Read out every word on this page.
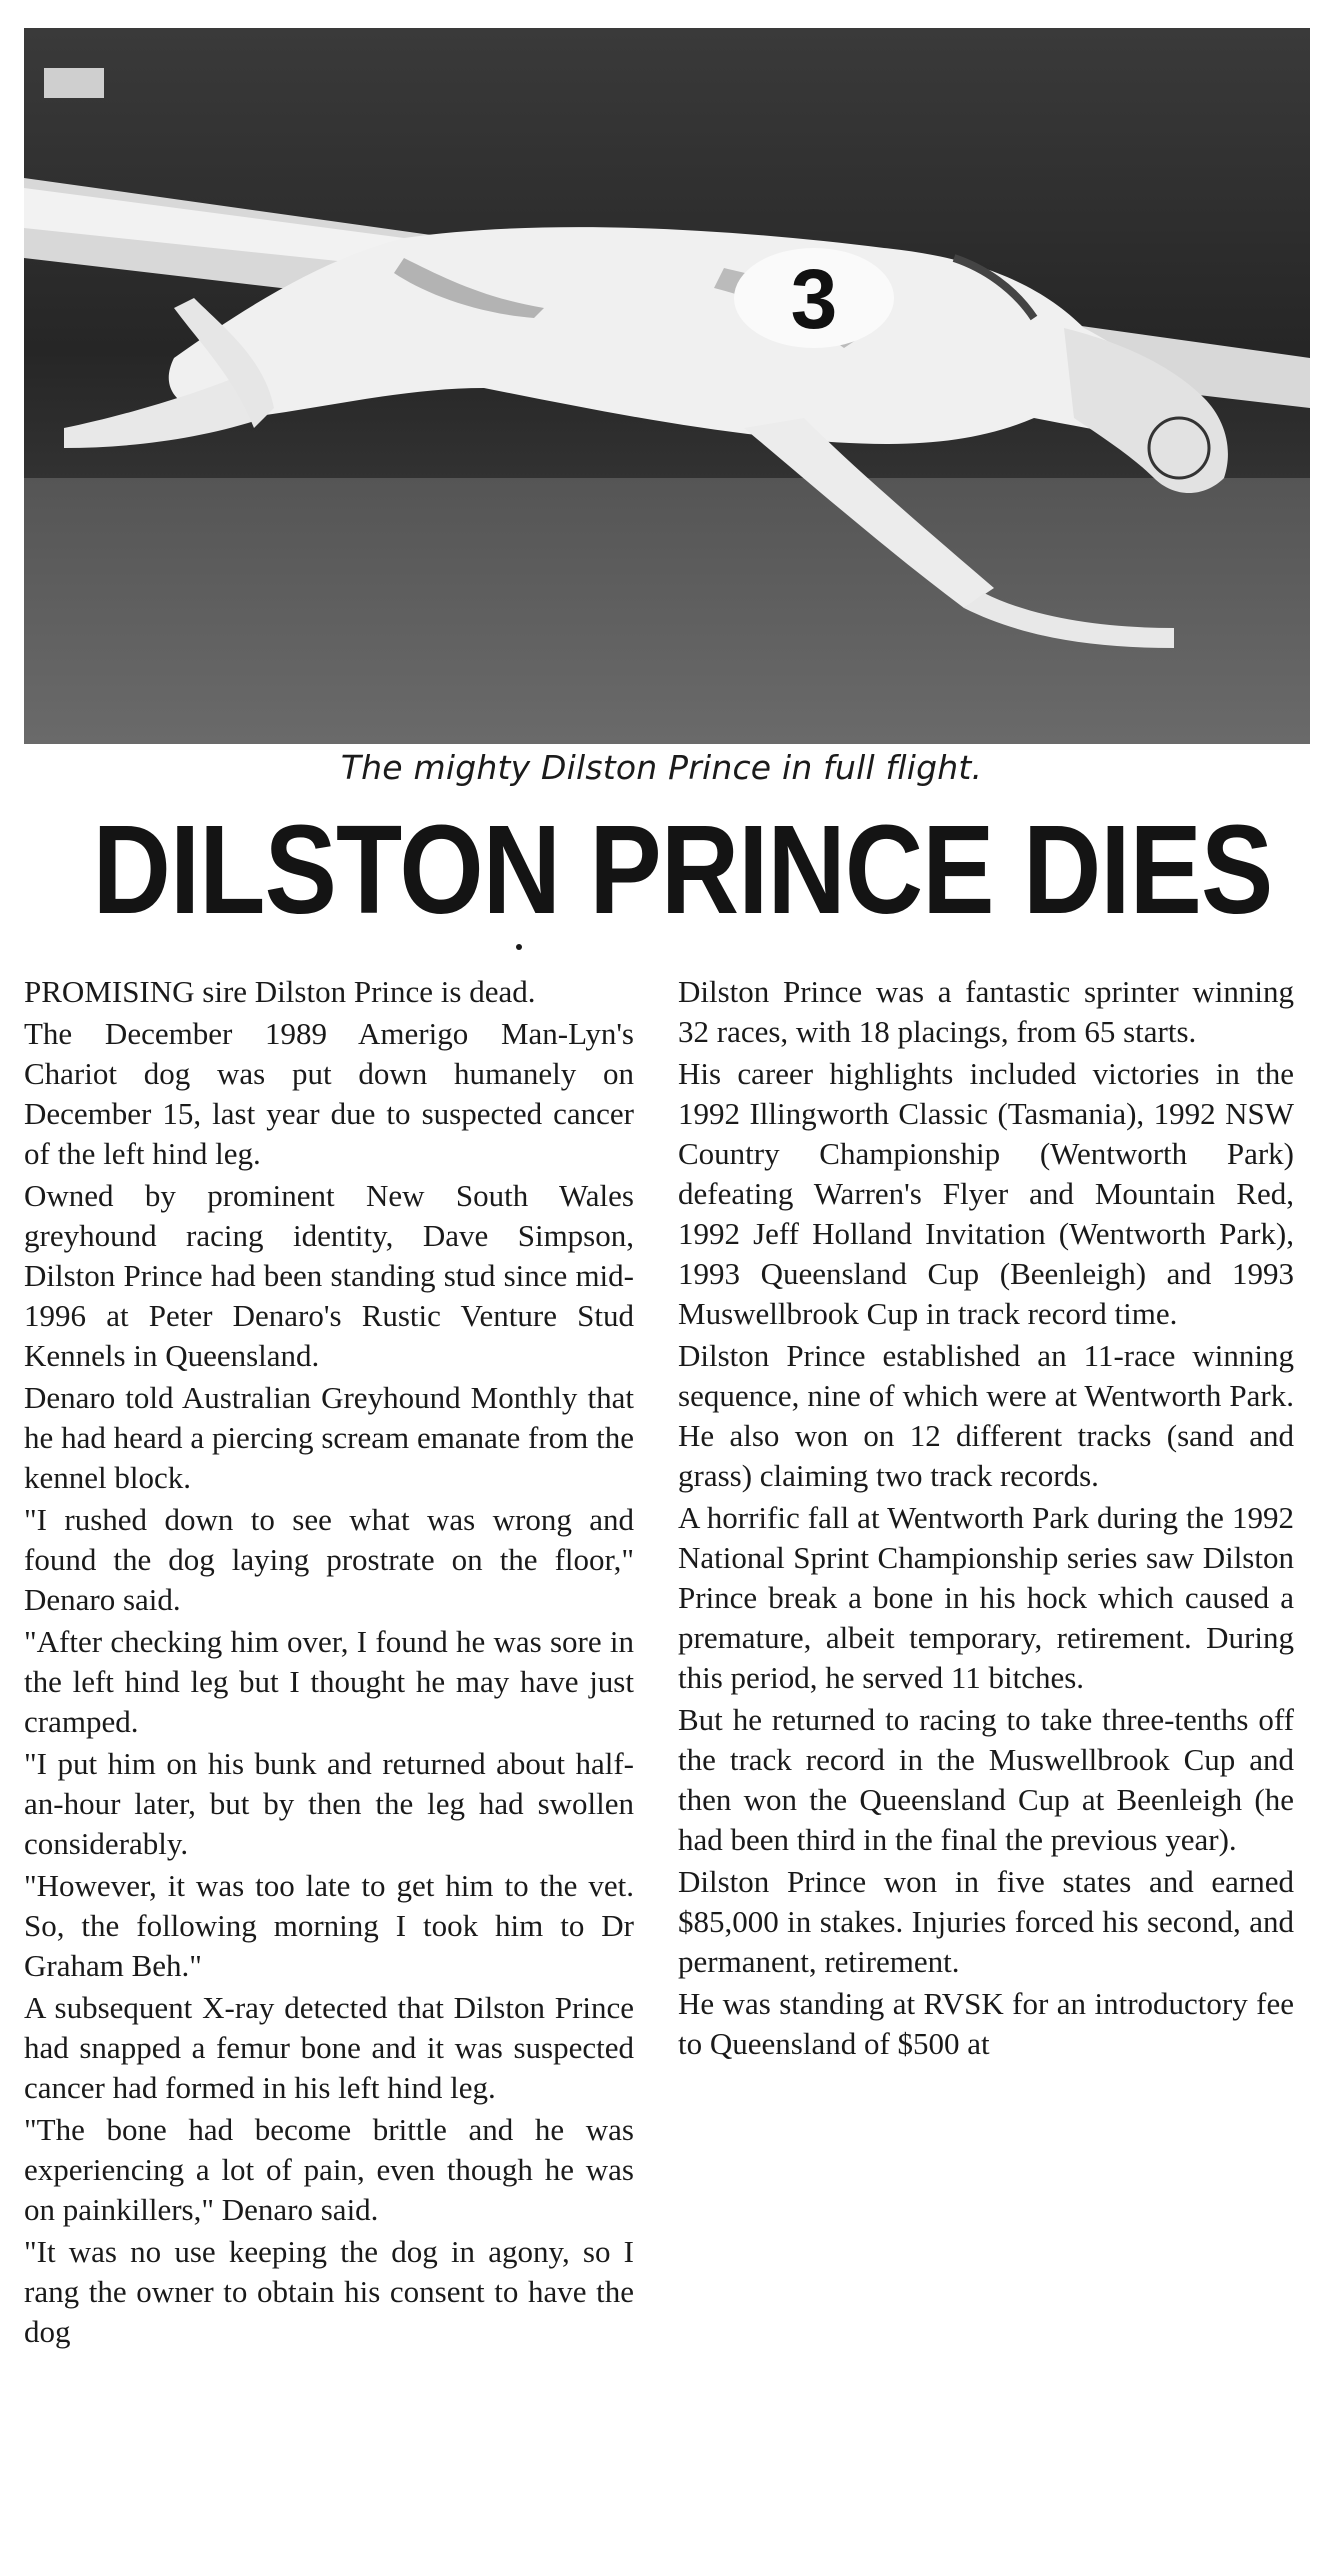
3
The mighty Dilston Prince in full flight.
DILSTON PRINCE DIES

PROMISING sire Dilston Prince is dead.

The December 1989 Amerigo Man-Lyn's Chariot dog was put down humanely on December 15, last year due to suspected cancer of the left hind leg.

Owned by prominent New South Wales greyhound racing identity, Dave Simpson, Dilston Prince had been standing stud since mid-1996 at Peter Denaro's Rustic Venture Stud Kennels in Queensland.

Denaro told Australian Greyhound Monthly that he had heard a piercing scream emanate from the kennel block.

"I rushed down to see what was wrong and found the dog laying prostrate on the floor," Denaro said.

"After checking him over, I found he was sore in the left hind leg but I thought he may have just cramped.

"I put him on his bunk and returned about half-an-hour later, but by then the leg had swollen considerably.

"However, it was too late to get him to the vet. So, the following morning I took him to Dr Graham Beh."

A subsequent X-ray detected that Dilston Prince had snapped a femur bone and it was suspected cancer had formed in his left hind leg.

"The bone had become brittle and he was experiencing a lot of pain, even though he was on painkillers," Denaro said.

"It was no use keeping the dog in agony, so I rang the owner to obtain his consent to have the dog

Dilston Prince was a fantastic sprinter winning 32 races, with 18 placings, from 65 starts.

His career highlights included victories in the 1992 Illingworth Classic (Tasmania), 1992 NSW Country Championship (Wentworth Park) defeating Warren's Flyer and Mountain Red, 1992 Jeff Holland Invitation (Wentworth Park), 1993 Queensland Cup (Beenleigh) and 1993 Muswellbrook Cup in track record time.

Dilston Prince established an 11-race winning sequence, nine of which were at Wentworth Park. He also won on 12 different tracks (sand and grass) claiming two track records.

A horrific fall at Wentworth Park during the 1992 National Sprint Championship series saw Dilston Prince break a bone in his hock which caused a premature, albeit temporary, retirement. During this period, he served 11 bitches.

But he returned to racing to take three-tenths off the track record in the Muswellbrook Cup and then won the Queensland Cup at Beenleigh (he had been third in the final the previous year).

Dilston Prince won in five states and earned $85,000 in stakes. Injuries forced his second, and permanent, retirement.

He was standing at RVSK for an introductory fee to Queensland of $500 at
